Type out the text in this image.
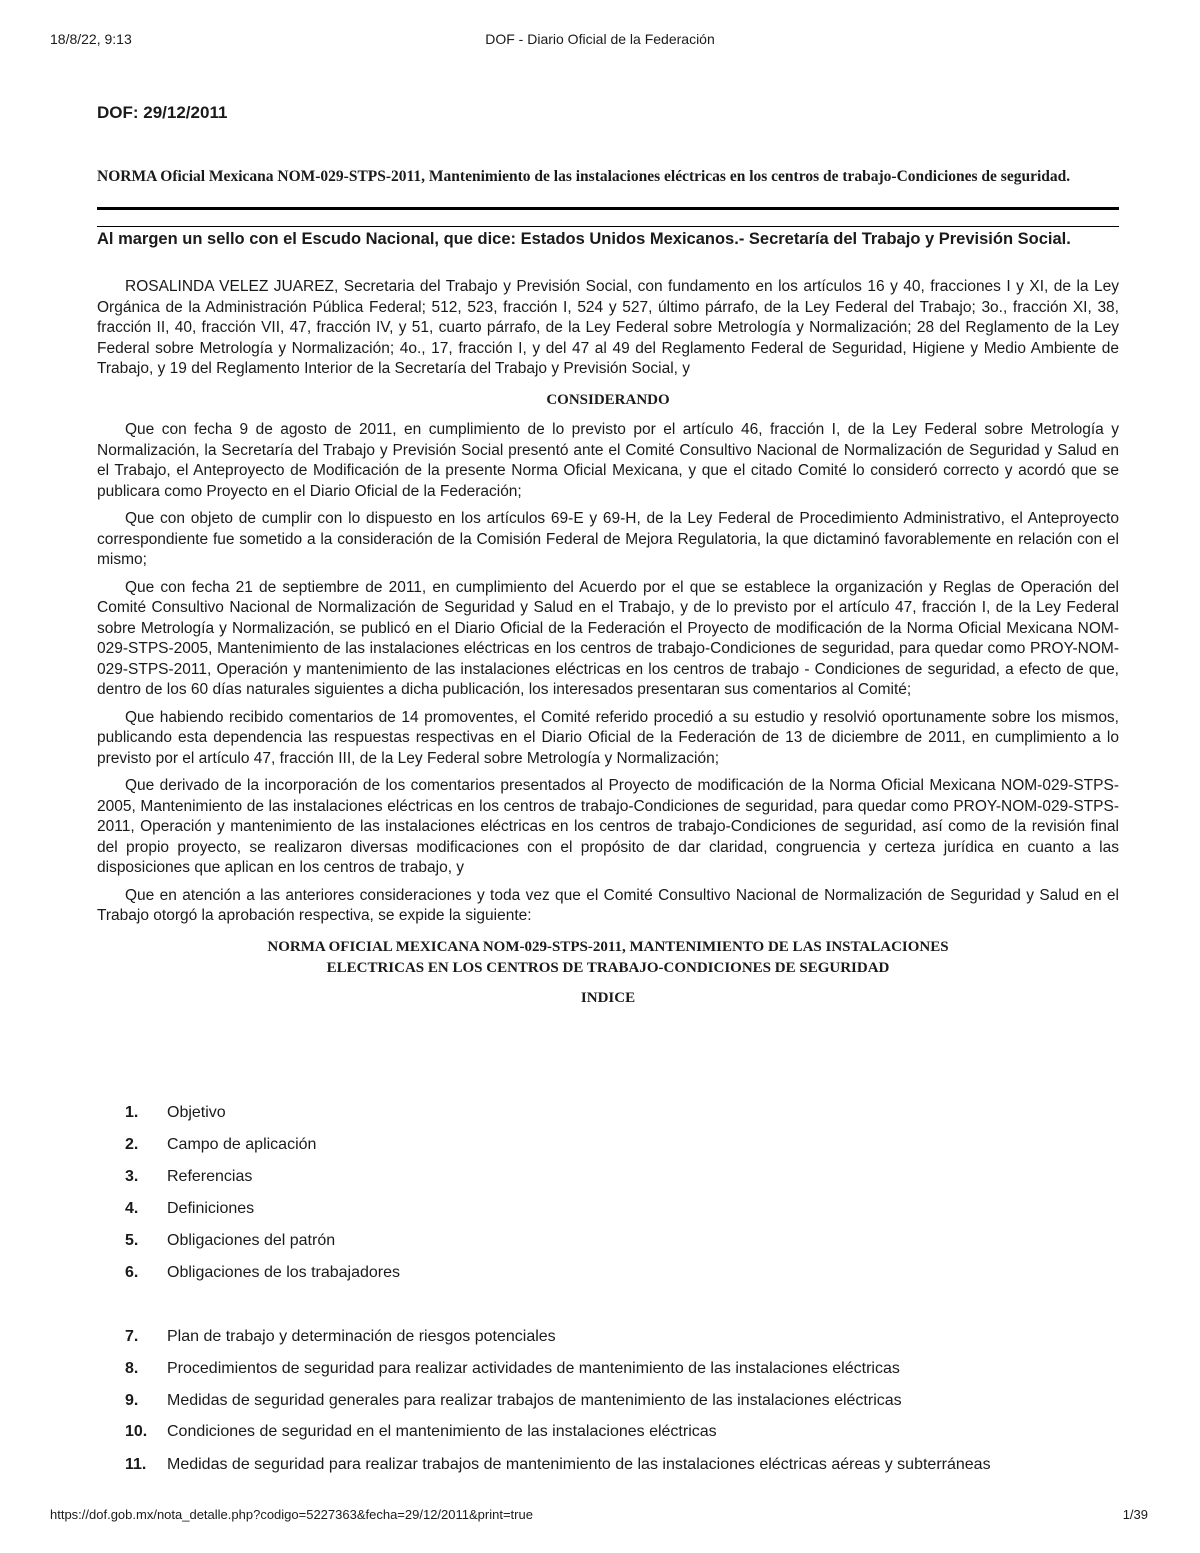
18/8/22, 9:13	DOF - Diario Oficial de la Federación
DOF: 29/12/2011
NORMA Oficial Mexicana NOM-029-STPS-2011, Mantenimiento de las instalaciones eléctricas en los centros de trabajo-Condiciones de seguridad.
Al margen un sello con el Escudo Nacional, que dice: Estados Unidos Mexicanos.- Secretaría del Trabajo y Previsión Social.

ROSALINDA VELEZ JUAREZ, Secretaria del Trabajo y Previsión Social, con fundamento en los artículos 16 y 40, fracciones I y XI, de la Ley Orgánica de la Administración Pública Federal; 512, 523, fracción I, 524 y 527, último párrafo, de la Ley Federal del Trabajo; 3o., fracción XI, 38, fracción II, 40, fracción VII, 47, fracción IV, y 51, cuarto párrafo, de la Ley Federal sobre Metrología y Normalización; 28 del Reglamento de la Ley Federal sobre Metrología y Normalización; 4o., 17, fracción I, y del 47 al 49 del Reglamento Federal de Seguridad, Higiene y Medio Ambiente de Trabajo, y 19 del Reglamento Interior de la Secretaría del Trabajo y Previsión Social, y

CONSIDERANDO

Que con fecha 9 de agosto de 2011, en cumplimiento de lo previsto por el artículo 46, fracción I, de la Ley Federal sobre Metrología y Normalización, la Secretaría del Trabajo y Previsión Social presentó ante el Comité Consultivo Nacional de Normalización de Seguridad y Salud en el Trabajo, el Anteproyecto de Modificación de la presente Norma Oficial Mexicana, y que el citado Comité lo consideró correcto y acordó que se publicara como Proyecto en el Diario Oficial de la Federación;

Que con objeto de cumplir con lo dispuesto en los artículos 69-E y 69-H, de la Ley Federal de Procedimiento Administrativo, el Anteproyecto correspondiente fue sometido a la consideración de la Comisión Federal de Mejora Regulatoria, la que dictaminó favorablemente en relación con el mismo;

Que con fecha 21 de septiembre de 2011, en cumplimiento del Acuerdo por el que se establece la organización y Reglas de Operación del Comité Consultivo Nacional de Normalización de Seguridad y Salud en el Trabajo, y de lo previsto por el artículo 47, fracción I, de la Ley Federal sobre Metrología y Normalización, se publicó en el Diario Oficial de la Federación el Proyecto de modificación de la Norma Oficial Mexicana NOM-029-STPS-2005, Mantenimiento de las instalaciones eléctricas en los centros de trabajo-Condiciones de seguridad, para quedar como PROY-NOM-029-STPS-2011, Operación y mantenimiento de las instalaciones eléctricas en los centros de trabajo - Condiciones de seguridad, a efecto de que, dentro de los 60 días naturales siguientes a dicha publicación, los interesados presentaran sus comentarios al Comité;

Que habiendo recibido comentarios de 14 promoventes, el Comité referido procedió a su estudio y resolvió oportunamente sobre los mismos, publicando esta dependencia las respuestas respectivas en el Diario Oficial de la Federación de 13 de diciembre de 2011, en cumplimiento a lo previsto por el artículo 47, fracción III, de la Ley Federal sobre Metrología y Normalización;

Que derivado de la incorporación de los comentarios presentados al Proyecto de modificación de la Norma Oficial Mexicana NOM-029-STPS-2005, Mantenimiento de las instalaciones eléctricas en los centros de trabajo-Condiciones de seguridad, para quedar como PROY-NOM-029-STPS-2011, Operación y mantenimiento de las instalaciones eléctricas en los centros de trabajo-Condiciones de seguridad, así como de la revisión final del propio proyecto, se realizaron diversas modificaciones con el propósito de dar claridad, congruencia y certeza jurídica en cuanto a las disposiciones que aplican en los centros de trabajo, y

Que en atención a las anteriores consideraciones y toda vez que el Comité Consultivo Nacional de Normalización de Seguridad y Salud en el Trabajo otorgó la aprobación respectiva, se expide la siguiente:

NORMA OFICIAL MEXICANA NOM-029-STPS-2011, MANTENIMIENTO DE LAS INSTALACIONES
ELECTRICAS EN LOS CENTROS DE TRABAJO-CONDICIONES DE SEGURIDAD
INDICE
1. Objetivo
2. Campo de aplicación
3. Referencias
4. Definiciones
5. Obligaciones del patrón
6. Obligaciones de los trabajadores
7. Plan de trabajo y determinación de riesgos potenciales
8. Procedimientos de seguridad para realizar actividades de mantenimiento de las instalaciones eléctricas
9. Medidas de seguridad generales para realizar trabajos de mantenimiento de las instalaciones eléctricas
10. Condiciones de seguridad en el mantenimiento de las instalaciones eléctricas
11. Medidas de seguridad para realizar trabajos de mantenimiento de las instalaciones eléctricas aéreas y subterráneas
https://dof.gob.mx/nota_detalle.php?codigo=5227363&fecha=29/12/2011&print=true	1/39
